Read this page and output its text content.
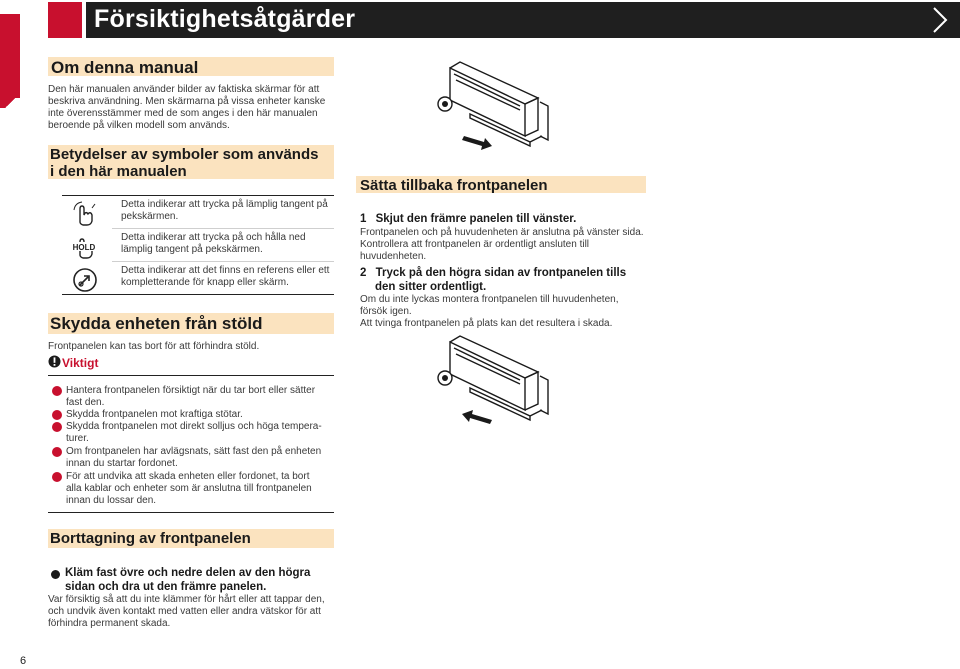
Försiktighetsåtgärder
Om denna manual
Den här manualen använder bilder av faktiska skärmar för att
beskriva användning. Men skärmarna på vissa enheter kanske
inte överensstämmer med de som anges i den här manualen
beroende på vilken modell som används.
Betydelser av symboler som används
i den här manualen
HOLD
Detta indikerar att trycka på lämplig tangent på
pekskärmen.
Detta indikerar att trycka på och hålla ned
lämplig tangent på pekskärmen.
Detta indikerar att det finns en referens eller ett
kompletterande för knapp eller skärm.
Skydda enheten från stöld
Frontpanelen kan tas bort för att förhindra stöld.
Viktigt
Hantera frontpanelen försiktigt när du tar bort eller sätter
fast den.
Skydda frontpanelen mot kraftiga stötar.
Skydda frontpanelen mot direkt solljus och höga tempera-
turer.
Om frontpanelen har avlägsnats, sätt fast den på enheten
innan du startar fordonet.
För att undvika att skada enheten eller fordonet, ta bort
alla kablar och enheter som är anslutna till frontpanelen
innan du lossar den.
Borttagning av frontpanelen
Kläm fast övre och nedre delen av den högra
sidan och dra ut den främre panelen.
Var försiktig så att du inte klämmer för hårt eller att tappar den,
och undvik även kontakt med vatten eller andra vätskor för att
förhindra permanent skada.
6
Sätta tillbaka frontpanelen
1 Skjut den främre panelen till vänster.
Frontpanelen och på huvudenheten är anslutna på vänster sida.
Kontrollera att frontpanelen är ordentligt ansluten till
huvudenheten.
2 Tryck på den högra sidan av frontpanelen tills
den sitter ordentligt.
Om du inte lyckas montera frontpanelen till huvudenheten,
försök igen.
Att tvinga frontpanelen på plats kan det resultera i skada.
